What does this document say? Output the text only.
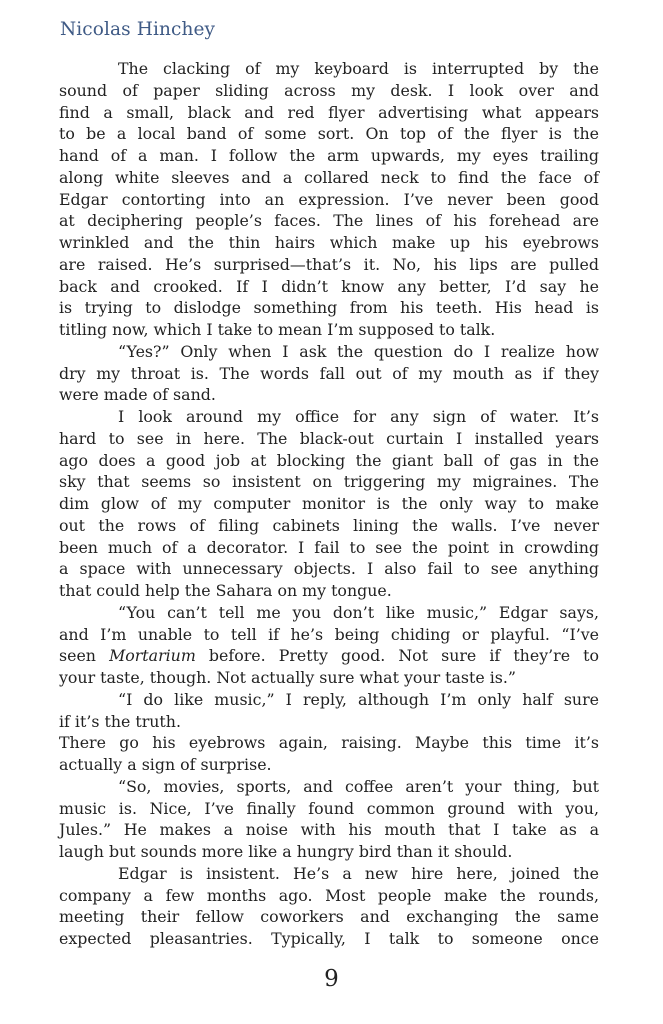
Nicolas Hinchey
The clacking of my keyboard is interrupted by the
sound of paper sliding across my desk. I look over and
find a small, black and red flyer advertising what appears
to be a local band of some sort. On top of the flyer is the
hand of a man. I follow the arm upwards, my eyes trailing
along white sleeves and a collared neck to find the face of
Edgar contorting into an expression. I’ve never been good
at deciphering people’s faces. The lines of his forehead are
wrinkled and the thin hairs which make up his eyebrows
are raised. He’s surprised—that’s it. No, his lips are pulled
back and crooked. If I didn’t know any better, I’d say he
is trying to dislodge something from his teeth. His head is
titling now, which I take to mean I’m supposed to talk.
“Yes?” Only when I ask the question do I realize how
dry my throat is. The words fall out of my mouth as if they
were made of sand.
I look around my office for any sign of water. It’s
hard to see in here. The black-out curtain I installed years
ago does a good job at blocking the giant ball of gas in the
sky that seems so insistent on triggering my migraines. The
dim glow of my computer monitor is the only way to make
out the rows of filing cabinets lining the walls. I’ve never
been much of a decorator. I fail to see the point in crowding
a space with unnecessary objects. I also fail to see anything
that could help the Sahara on my tongue.
“You can’t tell me you don’t like music,” Edgar says,
and I’m unable to tell if he’s being chiding or playful. “I’ve
seen Mortarium before. Pretty good. Not sure if they’re to
your taste, though. Not actually sure what your taste is.”
“I do like music,” I reply, although I’m only half sure
if it’s the truth.
There go his eyebrows again, raising. Maybe this time it’s
actually a sign of surprise.
“So, movies, sports, and coffee aren’t your thing, but
music is. Nice, I’ve finally found common ground with you,
Jules.” He makes a noise with his mouth that I take as a
laugh but sounds more like a hungry bird than it should.
Edgar is insistent. He’s a new hire here, joined the
company a few months ago. Most people make the rounds,
meeting their fellow coworkers and exchanging the same
expected pleasantries. Typically, I talk to someone once
9
